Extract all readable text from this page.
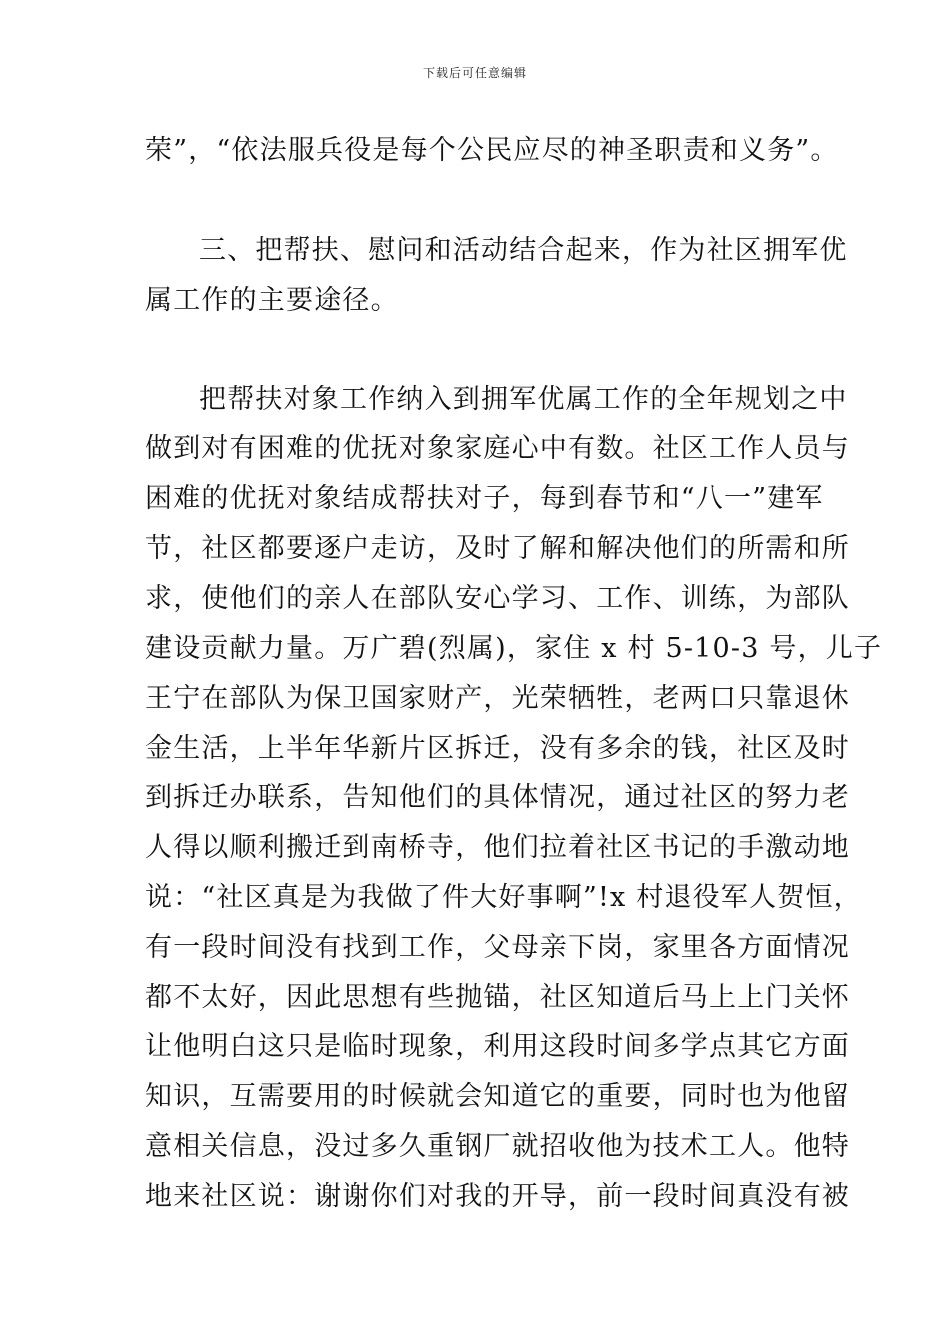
下载后可任意编辑
荣”，“依法服兵役是每个公民应尽的神圣职责和义务”。
三、把帮扶、慰问和活动结合起来，作为社区拥军优
属工作的主要途径。
把帮扶对象工作纳入到拥军优属工作的全年规划之中
做到对有困难的优抚对象家庭心中有数。社区工作人员与
困难的优抚对象结成帮扶对子，每到春节和“八一”建军
节，社区都要逐户走访，及时了解和解决他们的所需和所
求，使他们的亲人在部队安心学习、工作、训练，为部队
建设贡献力量。万广碧(烈属)，家住 x 村 5-10-3 号，儿子
王宁在部队为保卫国家财产，光荣牺牲，老两口只靠退休
金生活，上半年华新片区拆迁，没有多余的钱，社区及时
到拆迁办联系，告知他们的具体情况，通过社区的努力老
人得以顺利搬迁到南桥寺，他们拉着社区书记的手激动地
说：“社区真是为我做了件大好事啊”!x 村退役军人贺恒，
有一段时间没有找到工作，父母亲下岗，家里各方面情况
都不太好，因此思想有些抛锚，社区知道后马上上门关怀
让他明白这只是临时现象，利用这段时间多学点其它方面
知识，互需要用的时候就会知道它的重要，同时也为他留
意相关信息，没过多久重钢厂就招收他为技术工人。他特
地来社区说：谢谢你们对我的开导，前一段时间真没有被
